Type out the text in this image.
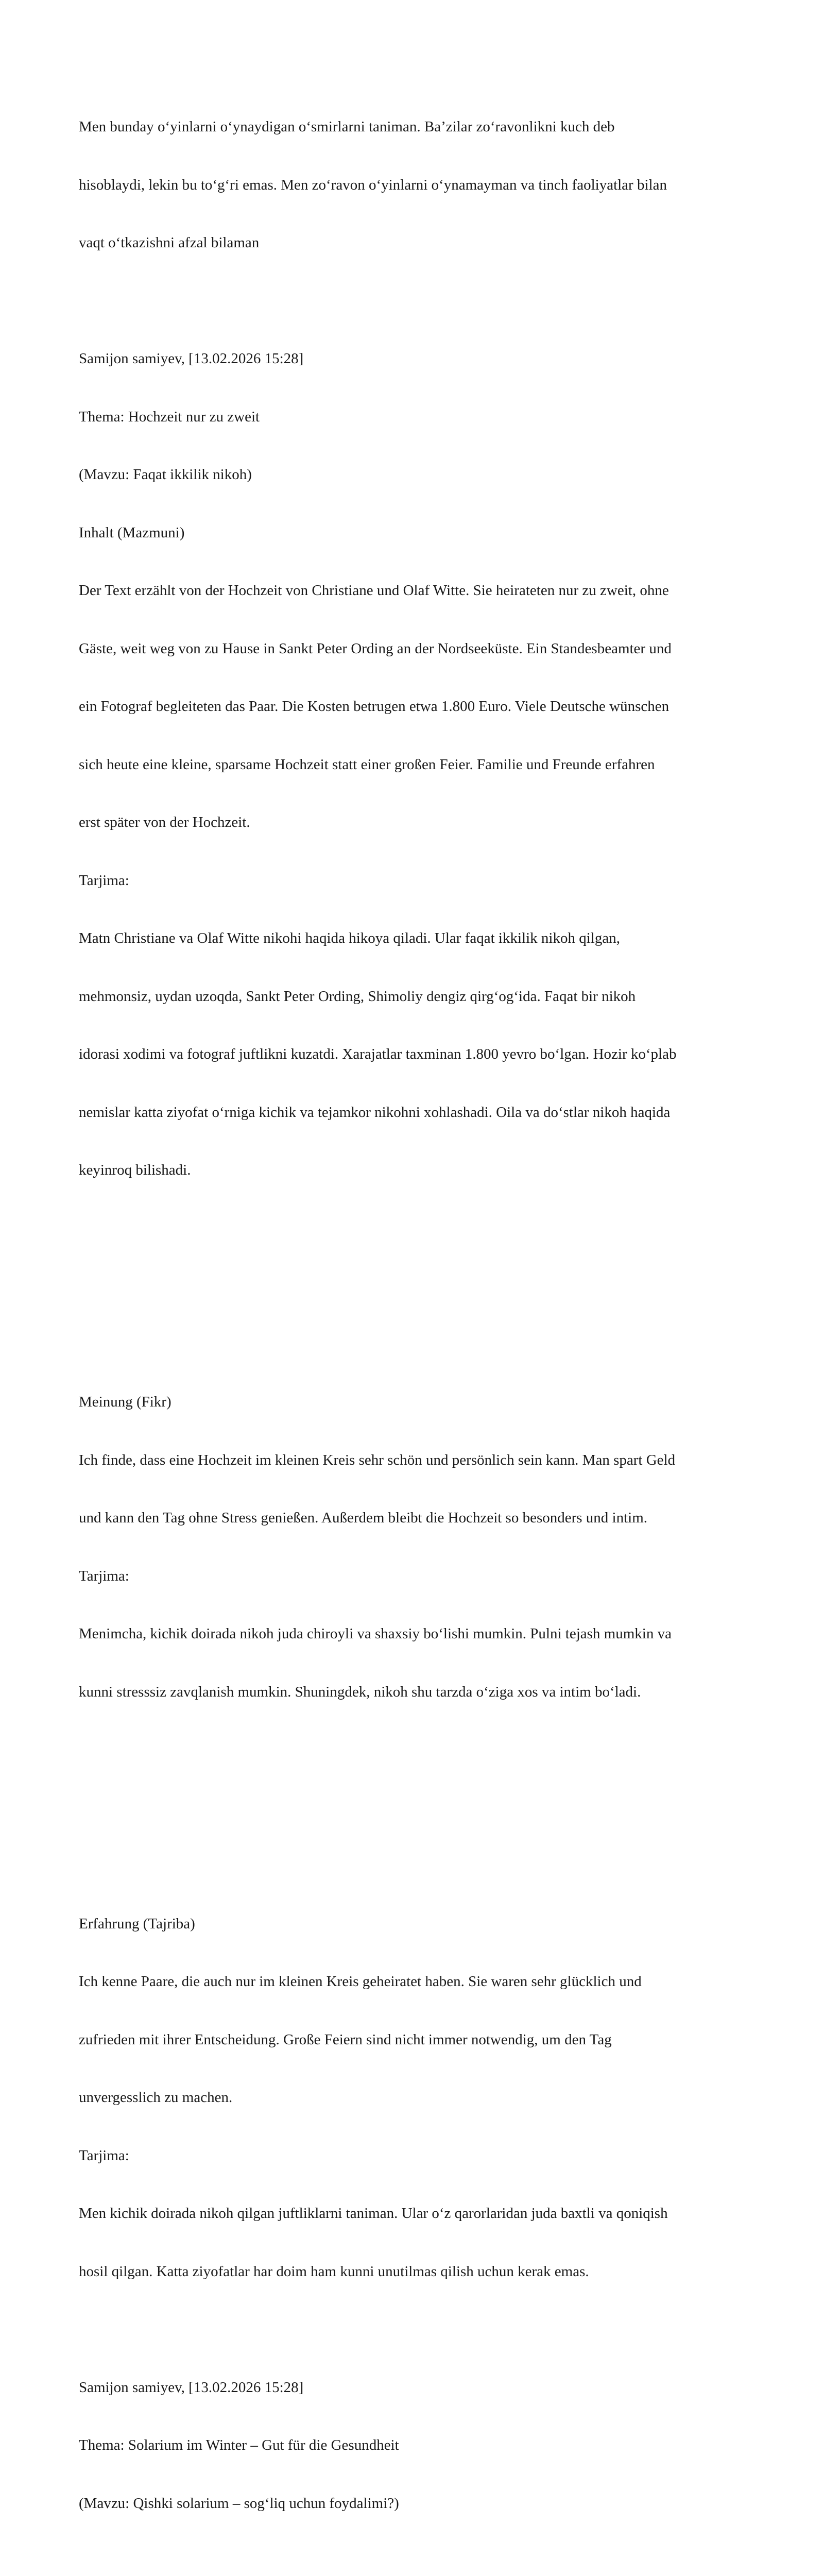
Men bunday oʻyinlarni oʻynaydigan oʻsmirlarni taniman. Baʼzilar zoʻravonlikni kuch deb

hisoblaydi, lekin bu toʻgʻri emas. Men zoʻravon oʻyinlarni oʻynamayman va tinch faoliyatlar bilan

vaqt oʻtkazishni afzal bilaman

Samijon samiyev, [13.02.2026 15:28]

Thema: Hochzeit nur zu zweit

(Mavzu: Faqat ikkilik nikoh)

Inhalt (Mazmuni)

Der Text erzählt von der Hochzeit von Christiane und Olaf Witte. Sie heirateten nur zu zweit, ohne

Gäste, weit weg von zu Hause in Sankt Peter Ording an der Nordseeküste. Ein Standesbeamter und

ein Fotograf begleiteten das Paar. Die Kosten betrugen etwa 1.800 Euro. Viele Deutsche wünschen

sich heute eine kleine, sparsame Hochzeit statt einer großen Feier. Familie und Freunde erfahren

erst später von der Hochzeit.

Tarjima:

Matn Christiane va Olaf Witte nikohi haqida hikoya qiladi. Ular faqat ikkilik nikoh qilgan,

mehmonsiz, uydan uzoqda, Sankt Peter Ording, Shimoliy dengiz qirgʻogʻida. Faqat bir nikoh

idorasi xodimi va fotograf juftlikni kuzatdi. Xarajatlar taxminan 1.800 yevro boʻlgan. Hozir koʻplab

nemislar katta ziyofat oʻrniga kichik va tejamkor nikohni xohlashadi. Oila va doʻstlar nikoh haqida

keyinroq bilishadi.

Meinung (Fikr)

Ich finde, dass eine Hochzeit im kleinen Kreis sehr schön und persönlich sein kann. Man spart Geld

und kann den Tag ohne Stress genießen. Außerdem bleibt die Hochzeit so besonders und intim.

Tarjima:

Menimcha, kichik doirada nikoh juda chiroyli va shaxsiy boʻlishi mumkin. Pulni tejash mumkin va

kunni stresssiz zavqlanish mumkin. Shuningdek, nikoh shu tarzda oʻziga xos va intim boʻladi.

Erfahrung (Tajriba)

Ich kenne Paare, die auch nur im kleinen Kreis geheiratet haben. Sie waren sehr glücklich und

zufrieden mit ihrer Entscheidung. Große Feiern sind nicht immer notwendig, um den Tag

unvergesslich zu machen.

Tarjima:

Men kichik doirada nikoh qilgan juftliklarni taniman. Ular oʻz qarorlaridan juda baxtli va qoniqish

hosil qilgan. Katta ziyofatlar har doim ham kunni unutilmas qilish uchun kerak emas.

Samijon samiyev, [13.02.2026 15:28]

Thema: Solarium im Winter – Gut für die Gesundheit

(Mavzu: Qishki solarium – sogʻliq uchun foydalimi?)
